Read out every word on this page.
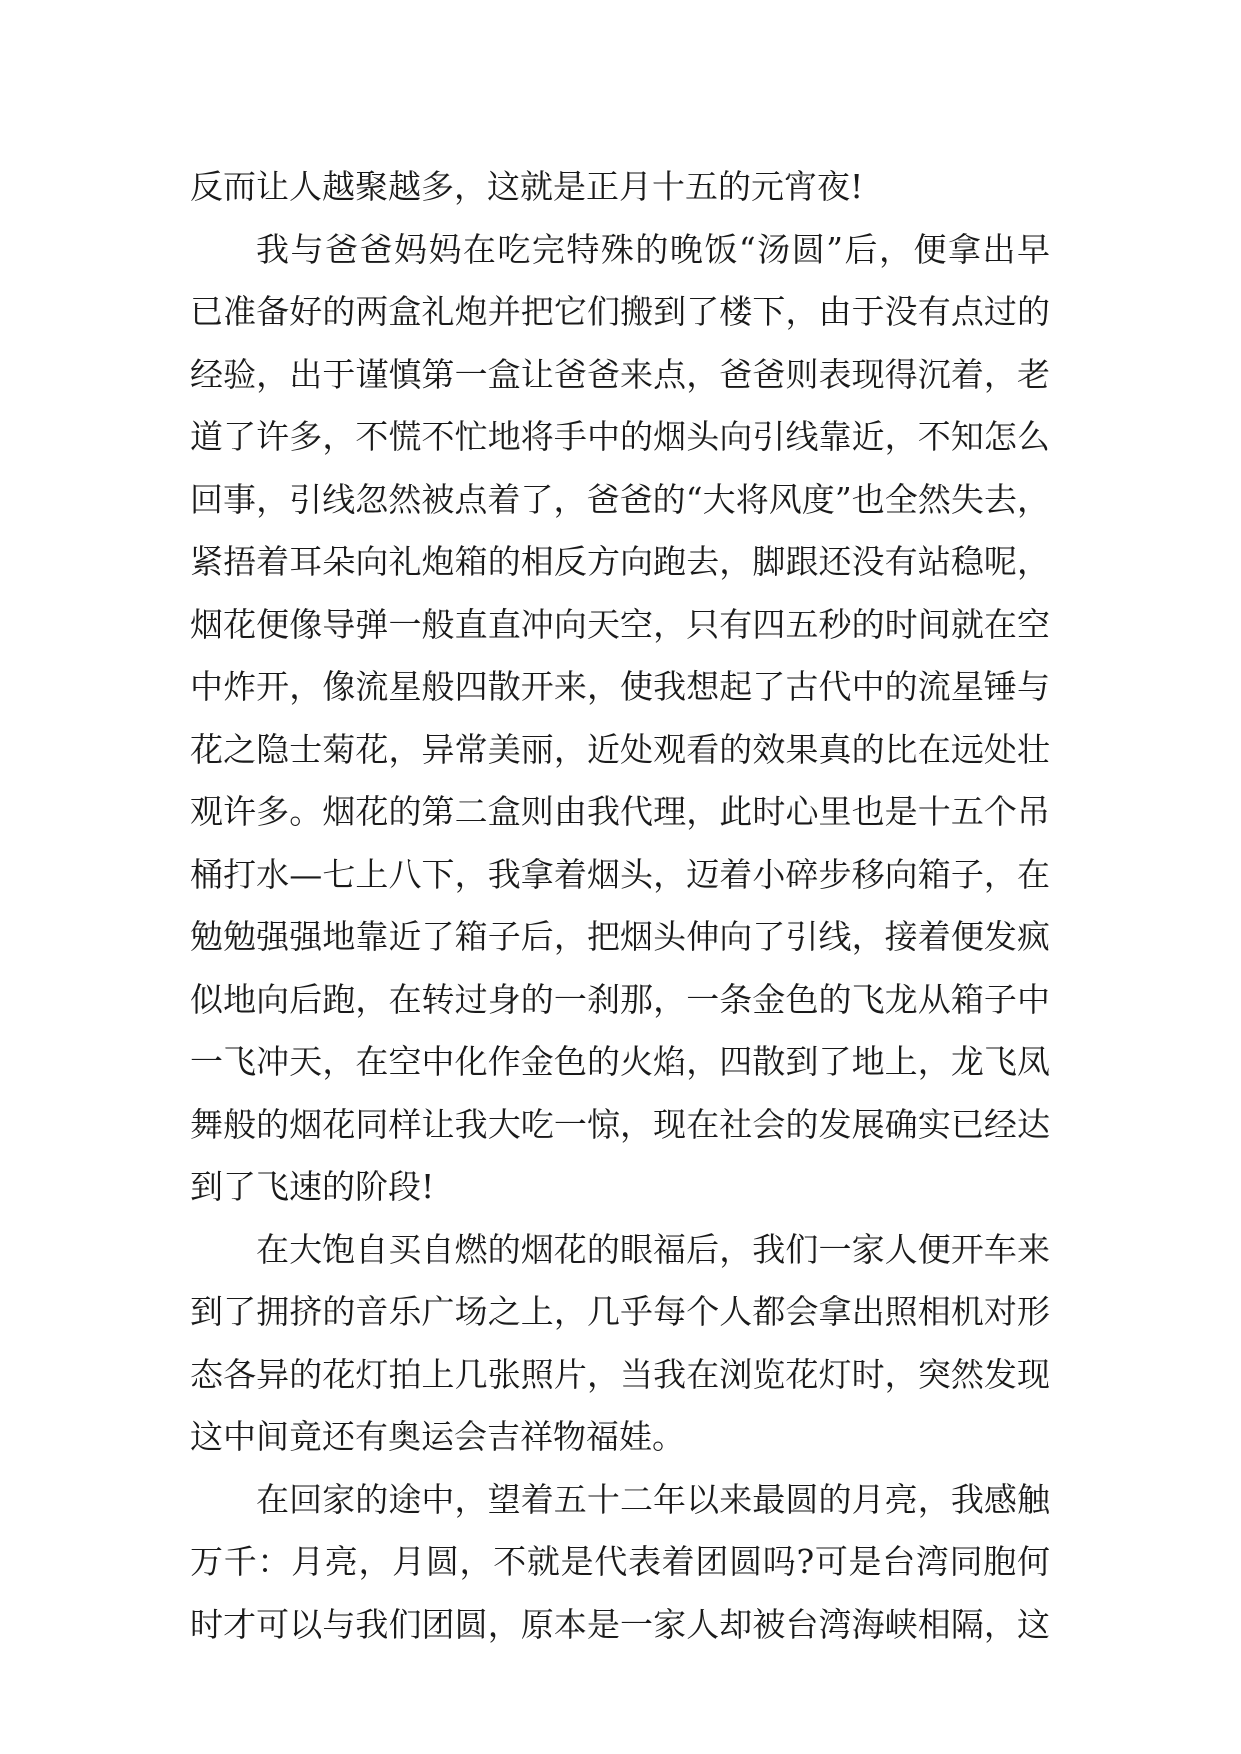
反而让人越聚越多，这就是正月十五的元宵夜!
我与爸爸妈妈在吃完特殊的晚饭“汤圆”后，便拿出早
已准备好的两盒礼炮并把它们搬到了楼下，由于没有点过的
经验，出于谨慎第一盒让爸爸来点，爸爸则表现得沉着，老
道了许多，不慌不忙地将手中的烟头向引线靠近，不知怎么
回事，引线忽然被点着了，爸爸的“大将风度”也全然失去，
紧捂着耳朵向礼炮箱的相反方向跑去，脚跟还没有站稳呢，
烟花便像导弹一般直直冲向天空，只有四五秒的时间就在空
中炸开，像流星般四散开来，使我想起了古代中的流星锤与
花之隐士菊花，异常美丽，近处观看的效果真的比在远处壮
观许多。烟花的第二盒则由我代理，此时心里也是十五个吊
桶打水—七上八下，我拿着烟头，迈着小碎步移向箱子，在
勉勉强强地靠近了箱子后，把烟头伸向了引线，接着便发疯
似地向后跑，在转过身的一刹那，一条金色的飞龙从箱子中
一飞冲天，在空中化作金色的火焰，四散到了地上，龙飞凤
舞般的烟花同样让我大吃一惊，现在社会的发展确实已经达
到了飞速的阶段!
在大饱自买自燃的烟花的眼福后，我们一家人便开车来
到了拥挤的音乐广场之上，几乎每个人都会拿出照相机对形
态各异的花灯拍上几张照片，当我在浏览花灯时，突然发现
这中间竟还有奥运会吉祥物福娃。
在回家的途中，望着五十二年以来最圆的月亮，我感触
万千：月亮，月圆，不就是代表着团圆吗?可是台湾同胞何
时才可以与我们团圆，原本是一家人却被台湾海峡相隔，这
